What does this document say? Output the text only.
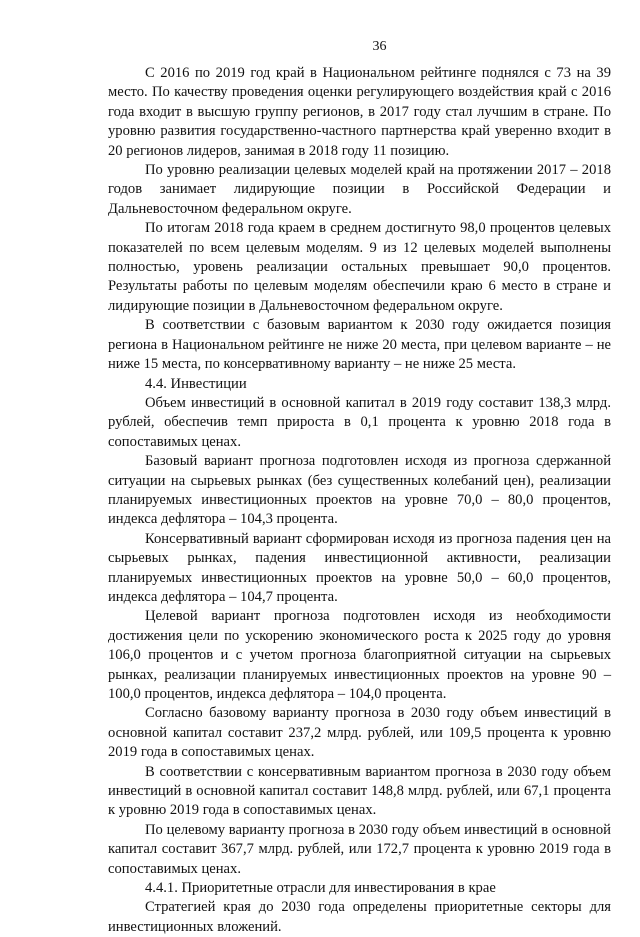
36

С 2016 по 2019 год край в Национальном рейтинге поднялся с 73 на 39 место. По качеству проведения оценки регулирующего воздействия край с 2016 года входит в высшую группу регионов, в 2017 году стал лучшим в стране. По уровню развития государственно-частного партнерства край уверенно входит в 20 регионов лидеров, занимая в 2018 году 11 позицию.

По уровню реализации целевых моделей край на протяжении 2017 – 2018 годов занимает лидирующие позиции в Российской Федерации и Дальневосточном федеральном округе.

По итогам 2018 года краем в среднем достигнуто 98,0 процентов целевых показателей по всем целевым моделям. 9 из 12 целевых моделей выполнены полностью, уровень реализации остальных превышает 90,0 процентов. Результаты работы по целевым моделям обеспечили краю 6 место в стране и лидирующие позиции в Дальневосточном федеральном округе.

В соответствии с базовым вариантом к 2030 году ожидается позиция региона в Национальном рейтинге не ниже 20 места, при целевом варианте – не ниже 15 места, по консервативному варианту – не ниже 25 места.

4.4. Инвестиции

Объем инвестиций в основной капитал в 2019 году составит 138,3 млрд. рублей, обеспечив темп прироста в 0,1 процента к уровню 2018 года в сопоставимых ценах.

Базовый вариант прогноза подготовлен исходя из прогноза сдержанной ситуации на сырьевых рынках (без существенных колебаний цен), реализации планируемых инвестиционных проектов на уровне 70,0 – 80,0 процентов, индекса дефлятора – 104,3 процента.

Консервативный вариант сформирован исходя из прогноза падения цен на сырьевых рынках, падения инвестиционной активности, реализации планируемых инвестиционных проектов на уровне 50,0 – 60,0 процентов, индекса дефлятора – 104,7 процента.

Целевой вариант прогноза подготовлен исходя из необходимости достижения цели по ускорению экономического роста к 2025 году до уровня 106,0 процентов и с учетом прогноза благоприятной ситуации на сырьевых рынках, реализации планируемых инвестиционных проектов на уровне 90 – 100,0 процентов, индекса дефлятора – 104,0 процента.

Согласно базовому варианту прогноза в 2030 году объем инвестиций в основной капитал составит 237,2 млрд. рублей, или 109,5 процента к уровню 2019 года в сопоставимых ценах.

В соответствии с консервативным вариантом прогноза в 2030 году объем инвестиций в основной капитал составит 148,8 млрд. рублей, или 67,1 процента к уровню 2019 года в сопоставимых ценах.

По целевому варианту прогноза в 2030 году объем инвестиций в основной капитал составит 367,7 млрд. рублей, или 172,7 процента к уровню 2019 года в сопоставимых ценах.

4.4.1. Приоритетные отрасли для инвестирования в крае

Стратегией края до 2030 года определены приоритетные секторы для инвестиционных вложений.
